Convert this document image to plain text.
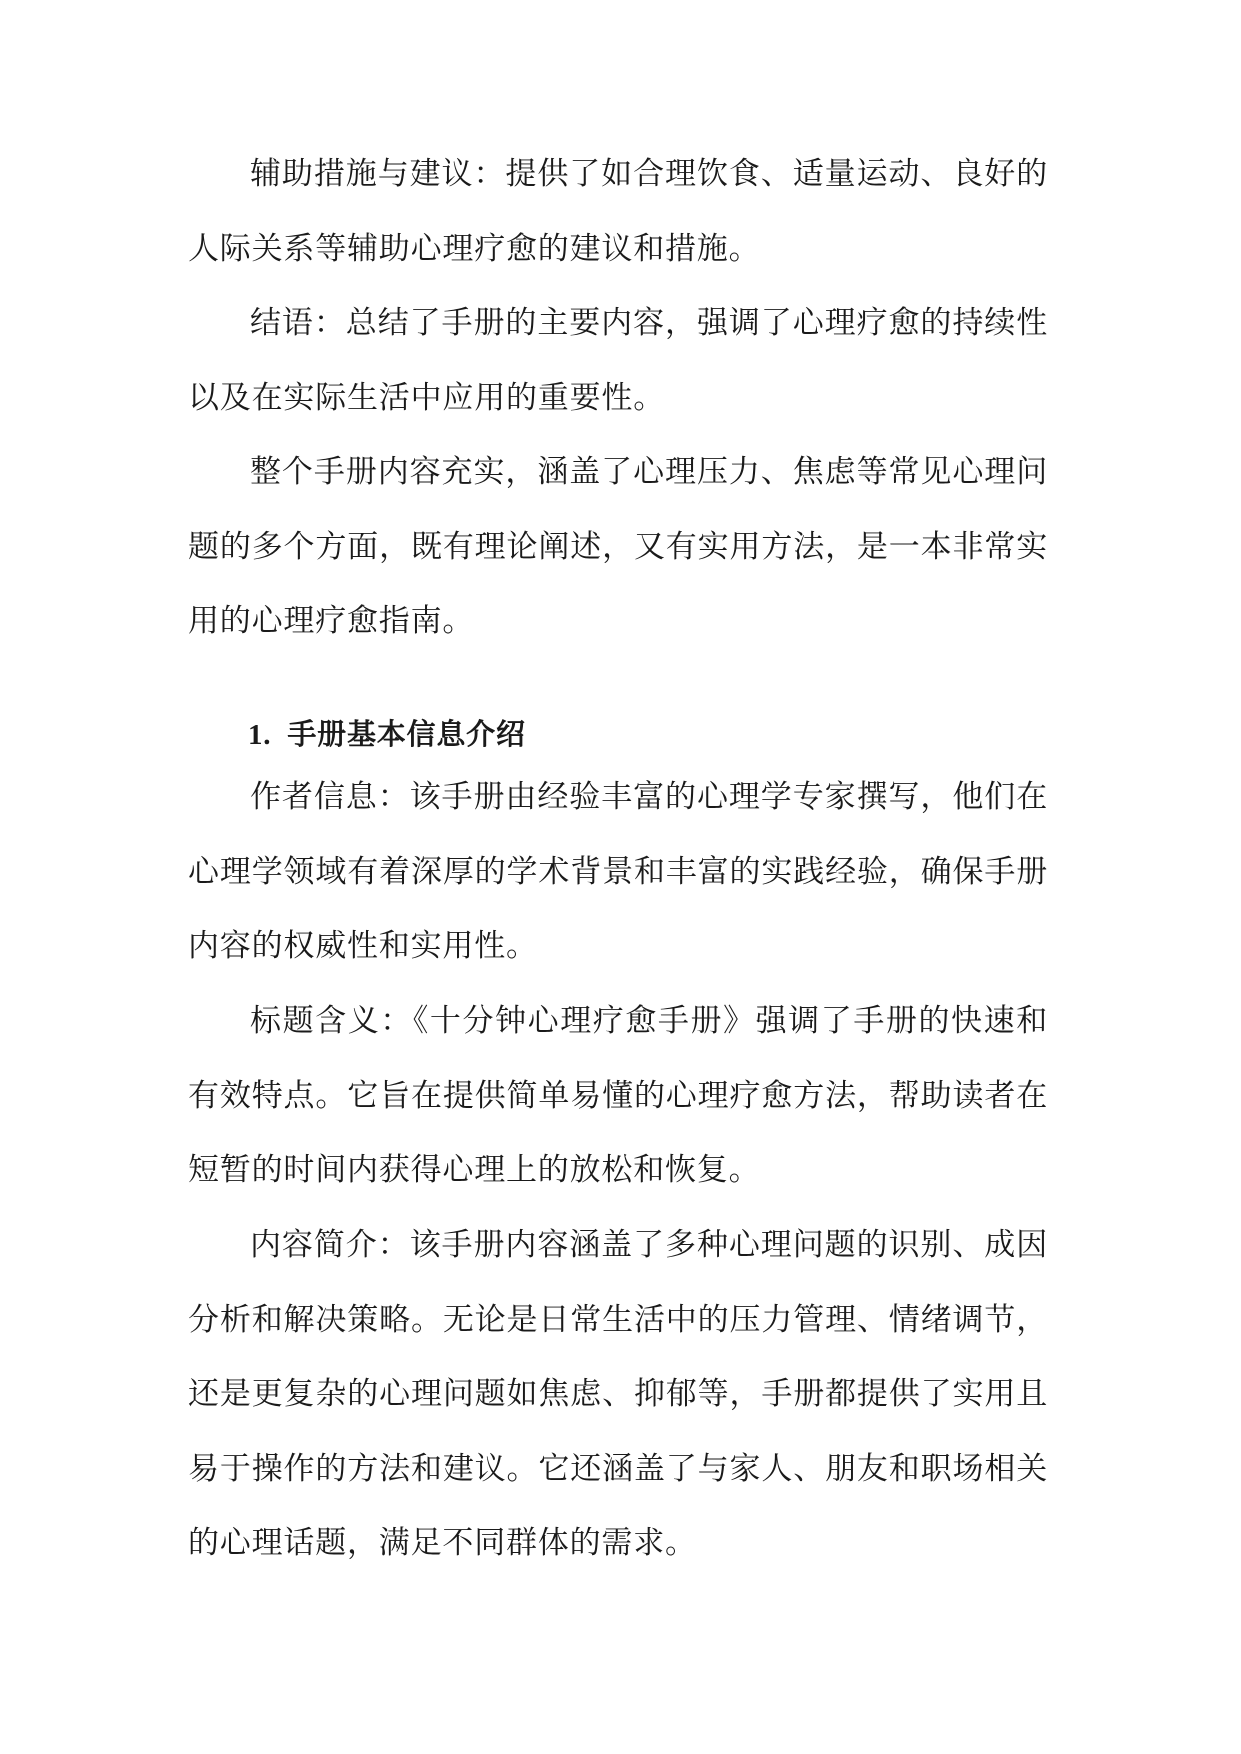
辅助措施与建议：提供了如合理饮食、适量运动、良好的人际关系等辅助心理疗愈的建议和措施。

结语：总结了手册的主要内容，强调了心理疗愈的持续性以及在实际生活中应用的重要性。

整个手册内容充实，涵盖了心理压力、焦虑等常见心理问题的多个方面，既有理论阐述，又有实用方法，是一本非常实用的心理疗愈指南。

1. 手册基本信息介绍

作者信息：该手册由经验丰富的心理学专家撰写，他们在心理学领域有着深厚的学术背景和丰富的实践经验，确保手册内容的权威性和实用性。

标题含义：《十分钟心理疗愈手册》强调了手册的快速和有效特点。它旨在提供简单易懂的心理疗愈方法，帮助读者在短暂的时间内获得心理上的放松和恢复。

内容简介：该手册内容涵盖了多种心理问题的识别、成因分析和解决策略。无论是日常生活中的压力管理、情绪调节，还是更复杂的心理问题如焦虑、抑郁等，手册都提供了实用且易于操作的方法和建议。它还涵盖了与家人、朋友和职场相关的心理话题，满足不同群体的需求。
